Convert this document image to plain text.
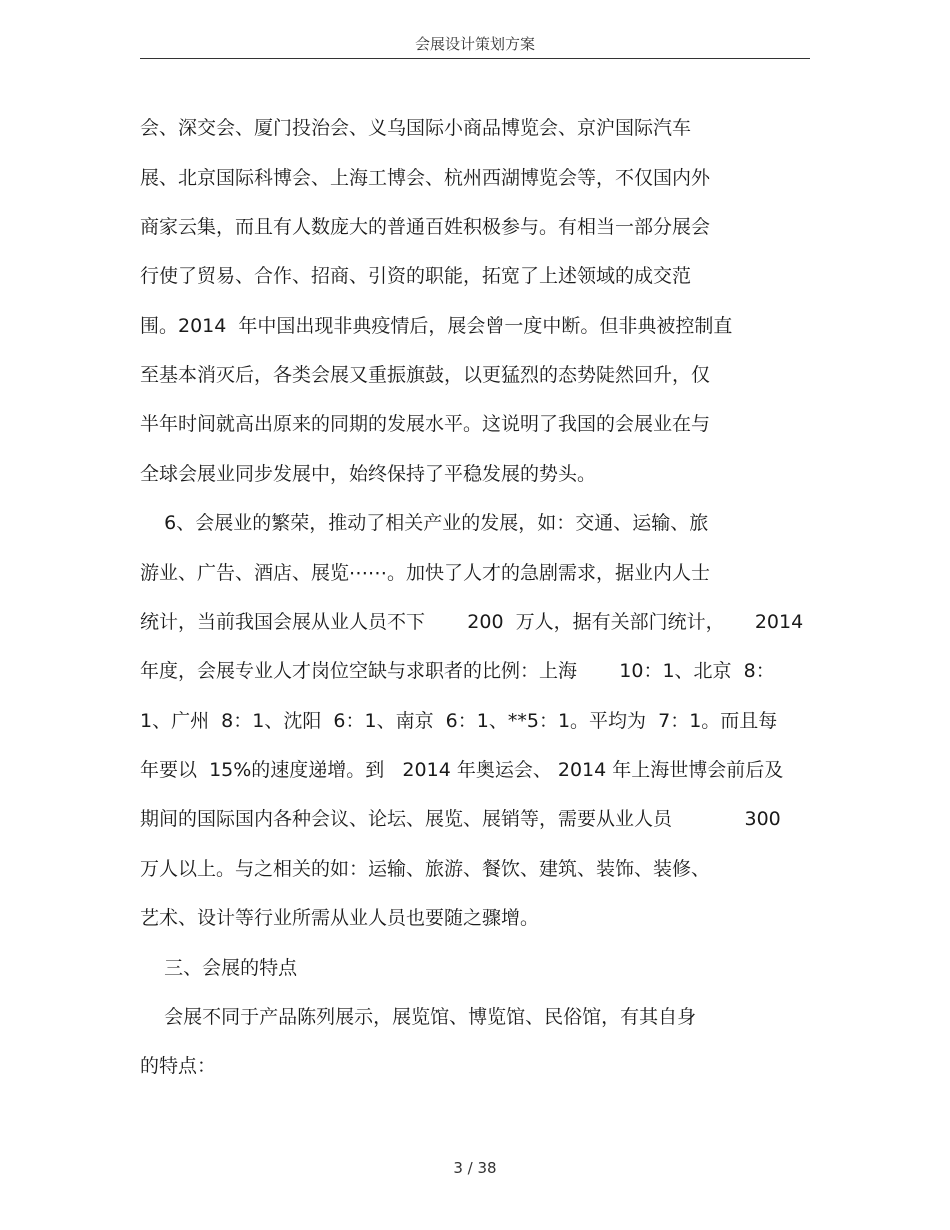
会展设计策划方案
会、深交会、厦门投治会、义乌国际小商品博览会、京沪国际汽车
展、北京国际科博会、上海工博会、杭州西湖博览会等，不仅国内外
商家云集，而且有人数庞大的普通百姓积极参与。有相当一部分展会
行使了贸易、合作、招商、引资的职能，拓宽了上述领域的成交范
围。2014  年中国出现非典疫情后，展会曾一度中断。但非典被控制直
至基本消灭后，各类会展又重振旗鼓，以更猛烈的态势陡然回升，仅
半年时间就高出原来的同期的发展水平。这说明了我国的会展业在与
全球会展业同步发展中，始终保持了平稳发展的势头。
6、会展业的繁荣，推动了相关产业的发展，如：交通、运输、旅
游业、广告、酒店、展览⋯⋯。加快了人才的急剧需求，据业内人士
统计，当前我国会展从业人员不下       200  万人，据有关部门统计，     2014
年度，会展专业人才岗位空缺与求职者的比例：上海       10：1、北京  8：
1、广州  8：1、沈阳  6：1、南京  6：1、**5：1。平均为  7：1。而且每
年要以  15%的速度递增。到   2014 年奥运会、 2014 年上海世博会前后及
期间的国际国内各种会议、论坛、展览、展销等，需要从业人员            300
万人以上。与之相关的如：运输、旅游、餐饮、建筑、装饰、装修、
艺术、设计等行业所需从业人员也要随之骤增。
三、会展的特点
会展不同于产品陈列展示，展览馆、博览馆、民俗馆，有其自身
的特点：
3 / 38
